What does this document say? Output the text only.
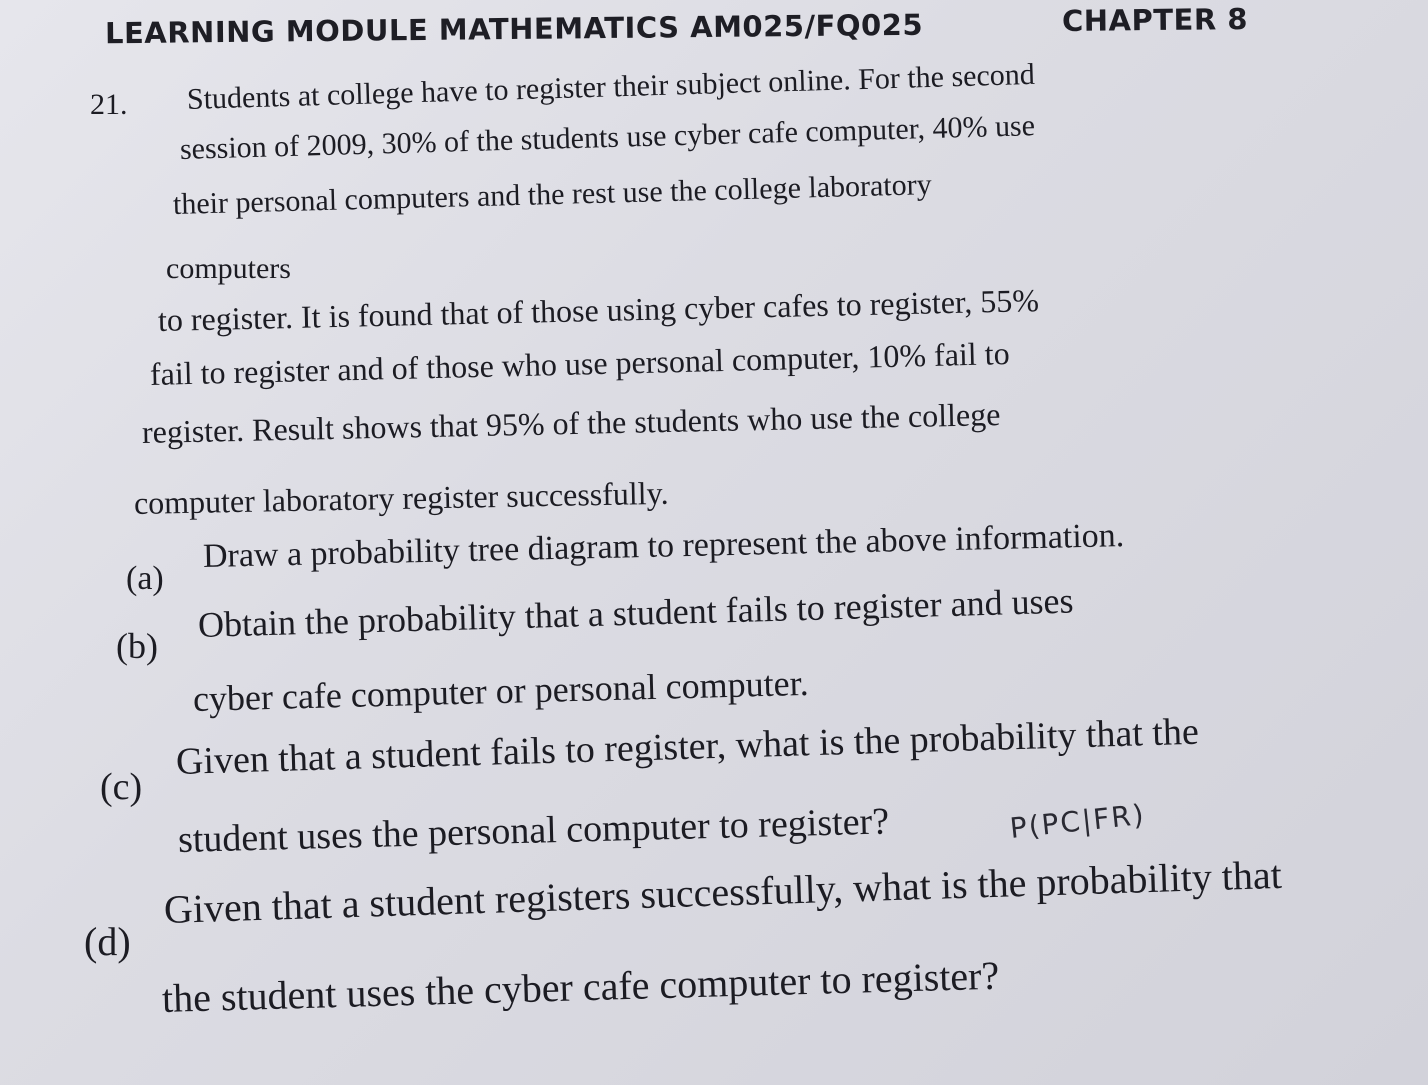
LEARNING MODULE MATHEMATICS AM025/FQ025	CHAPTER 8
21. Students at college have to register their subject online. For the second
session of 2009, 30% of the students use cyber cafe computer, 40% use
their personal computers and the rest use the college laboratory
computers
to register. It is found that of those using cyber cafes to register, 55%
fail to register and of those who use personal computer, 10% fail to
register. Result shows that 95% of the students who use the college
computer laboratory register successfully.
(a)
Draw a probability tree diagram to represent the above information.
(b)
Obtain the probability that a student fails to register and uses
cyber cafe computer or personal computer.
(c)
Given that a student fails to register, what is the probability that the
student uses the personal computer to register?	P(PC|FR)
(d)
Given that a student registers successfully, what is the probability that
the student uses the cyber cafe computer to register?
